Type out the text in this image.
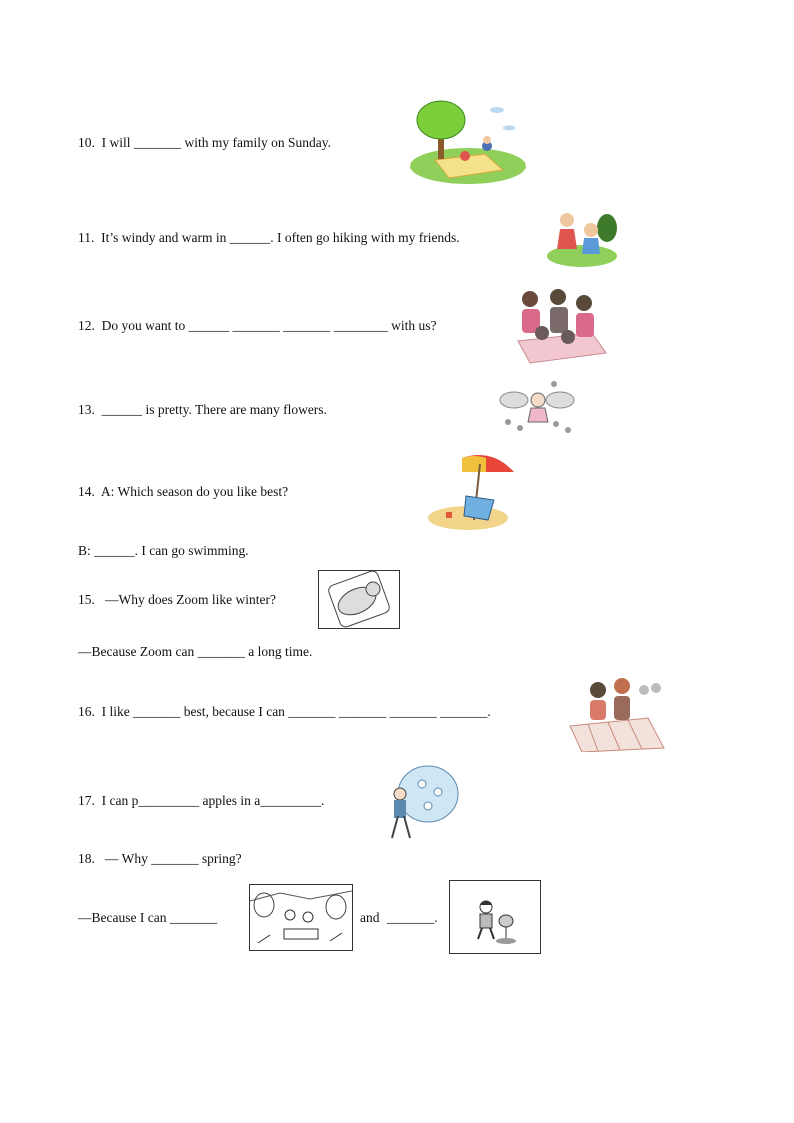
10. I will _______ with my family on Sunday.
11. It’s windy and warm in ______. I often go hiking with my friends.
12. Do you want to ______ _______ _______ ________ with us?
13. ______ is pretty. There are many flowers.
14. A: Which season do you like best?
B: ______. I can go swimming.
15. —Why does Zoom like winter?
—Because Zoom can _______ a long time.
16. I like _______ best, because I can _______ _______ _______ _______.
17. I can p_________ apples in a_________.
18. — Why _______ spring?
—Because I can _______	and _______.
